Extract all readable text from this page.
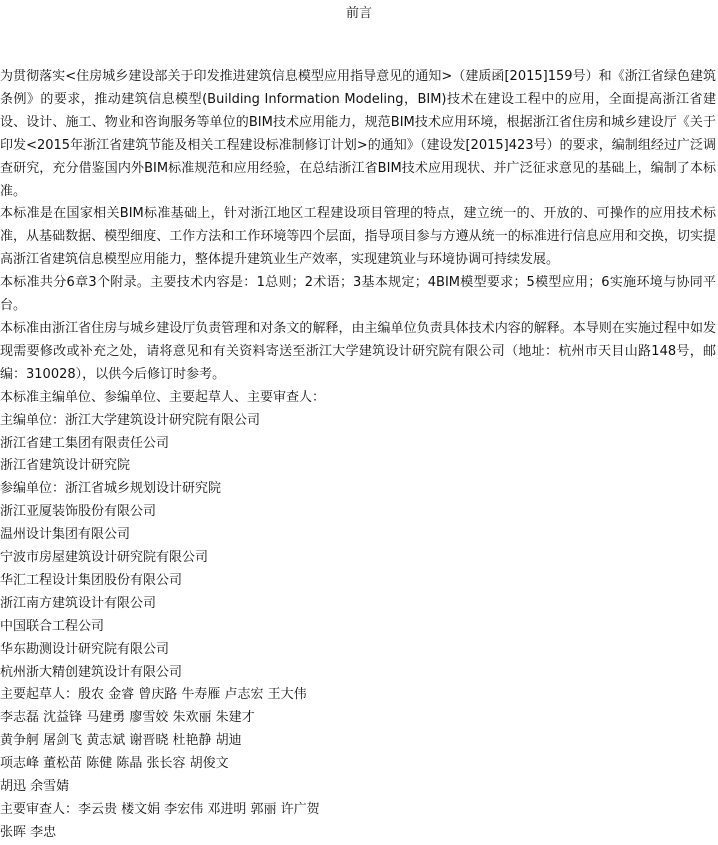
前言

为贯彻落实<住房城乡建设部关于印发推进建筑信息模型应用指导意见的通知>（建质函[2015]159号）和《浙江省绿色建筑条例》的要求，推动建筑信息模型(Building Information Modeling，BIM)技术在建设工程中的应用，全面提高浙江省建设、设计、施工、物业和咨询服务等单位的BIM技术应用能力，规范BIM技术应用环境，根据浙江省住房和城乡建设厅《关于印发<2015年浙江省建筑节能及相关工程建设标准制修订计划>的通知》（建设发[2015]423号）的要求，编制组经过广泛调查研究，充分借鉴国内外BIM标准规范和应用经验，在总结浙江省BIM技术应用现状、并广泛征求意见的基础上，编制了本标准。

本标准是在国家相关BIM标准基础上，针对浙江地区工程建设项目管理的特点，建立统一的、开放的、可操作的应用技术标准，从基础数据、模型细度、工作方法和工作环境等四个层面，指导项目参与方遵从统一的标准进行信息应用和交换，切实提高浙江省建筑信息模型应用能力，整体提升建筑业生产效率，实现建筑业与环境协调可持续发展。

本标准共分6章3个附录。主要技术内容是：1总则；2术语；3基本规定；4BIM模型要求；5模型应用；6实施环境与协同平台。

本标准由浙江省住房与城乡建设厅负责管理和对条文的解释，由主编单位负责具体技术内容的解释。本导则在实施过程中如发现需要修改或补充之处，请将意见和有关资料寄送至浙江大学建筑设计研究院有限公司（地址：杭州市天目山路148号，邮编：310028），以供今后修订时参考。

本标准主编单位、参编单位、主要起草人、主要审查人：
主编单位：浙江大学建筑设计研究院有限公司
浙江省建工集团有限责任公司
浙江省建筑设计研究院
参编单位：浙江省城乡规划设计研究院
浙江亚厦装饰股份有限公司
温州设计集团有限公司
宁波市房屋建筑设计研究院有限公司
华汇工程设计集团股份有限公司
浙江南方建筑设计有限公司
中国联合工程公司
华东勘测设计研究院有限公司
杭州浙大精创建筑设计有限公司
主要起草人：殷农 金睿 曾庆路 牛寿雁 卢志宏 王大伟
李志磊 沈益锋 马建勇 廖雪姣 朱欢丽 朱建才
黄争舸 屠剑飞 黄志斌 谢晋晓 杜艳静 胡迪
项志峰 董松苗 陈健 陈晶 张长容 胡俊文
胡迅 余雪婧
主要审查人：李云贵 楼文娟 李宏伟 邓进明 郭丽 许广贺
张晖 李忠
